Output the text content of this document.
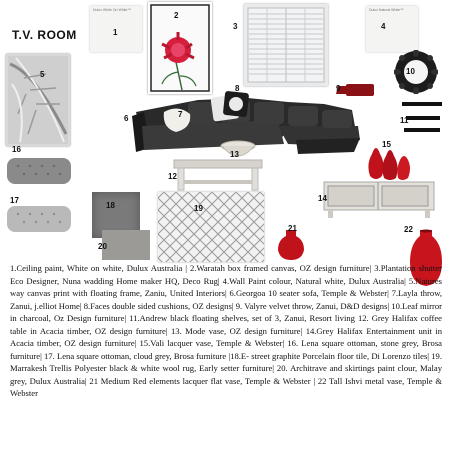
T.V. ROOM
Dulux White On White™
1
2
3
Dulux Natural White™
4
5
6	7
8	9
10
11
12
13
14
15
16
17
18
20
19
21	22
1.Ceiling paint, White on white, Dulux Australia | 2.Waratah box framed canvas, OZ design furniture| 3.Plantation shutter Eco Designer, Nuna wadding Home maker HQ, Deco Rug| 4.Wall Paint colour, Natural white, Dulux Australia| 5.Natures way canvas print with floating frame, Zaniu, United Interiors| 6.Georgoa 10 seater sofa, Temple & Webster| 7.Layla throw, Zanui, j.elliot Home| 8.Faces double sided cushions, OZ designs| 9. Valyre velvet throw, Zanui, D&D designs| 10.Leaf mirror in charcoal, Oz Design furniture| 11.Andrew black floating shelves, set of 3, Zanui, Resort living 12. Grey Halifax coffee table in Acacia timber, OZ design furniture| 13. Mode vase, OZ design furniture| 14.Grey Halifax Entertainment unit in Acacia timber, OZ design furniture| 15.Vali lacquer vase, Temple & Webster| 16. Lena square ottoman, stone grey, Brosa furniture| 17. Lena square ottoman, cloud grey, Brosa furniture |18.E- street graphite Porcelain floor tile, Di Lorenzo tiles| 19. Marrakesh Trellis Polyester black & white wool rug, Early setter furniture| 20. Architrave and skirtings paint clour, Malay grey, Dulux Australia| 21 Medium Red elements lacquer flat vase, Temple & Webster | 22 Tall Ishvi metal vase, Temple & Webster
